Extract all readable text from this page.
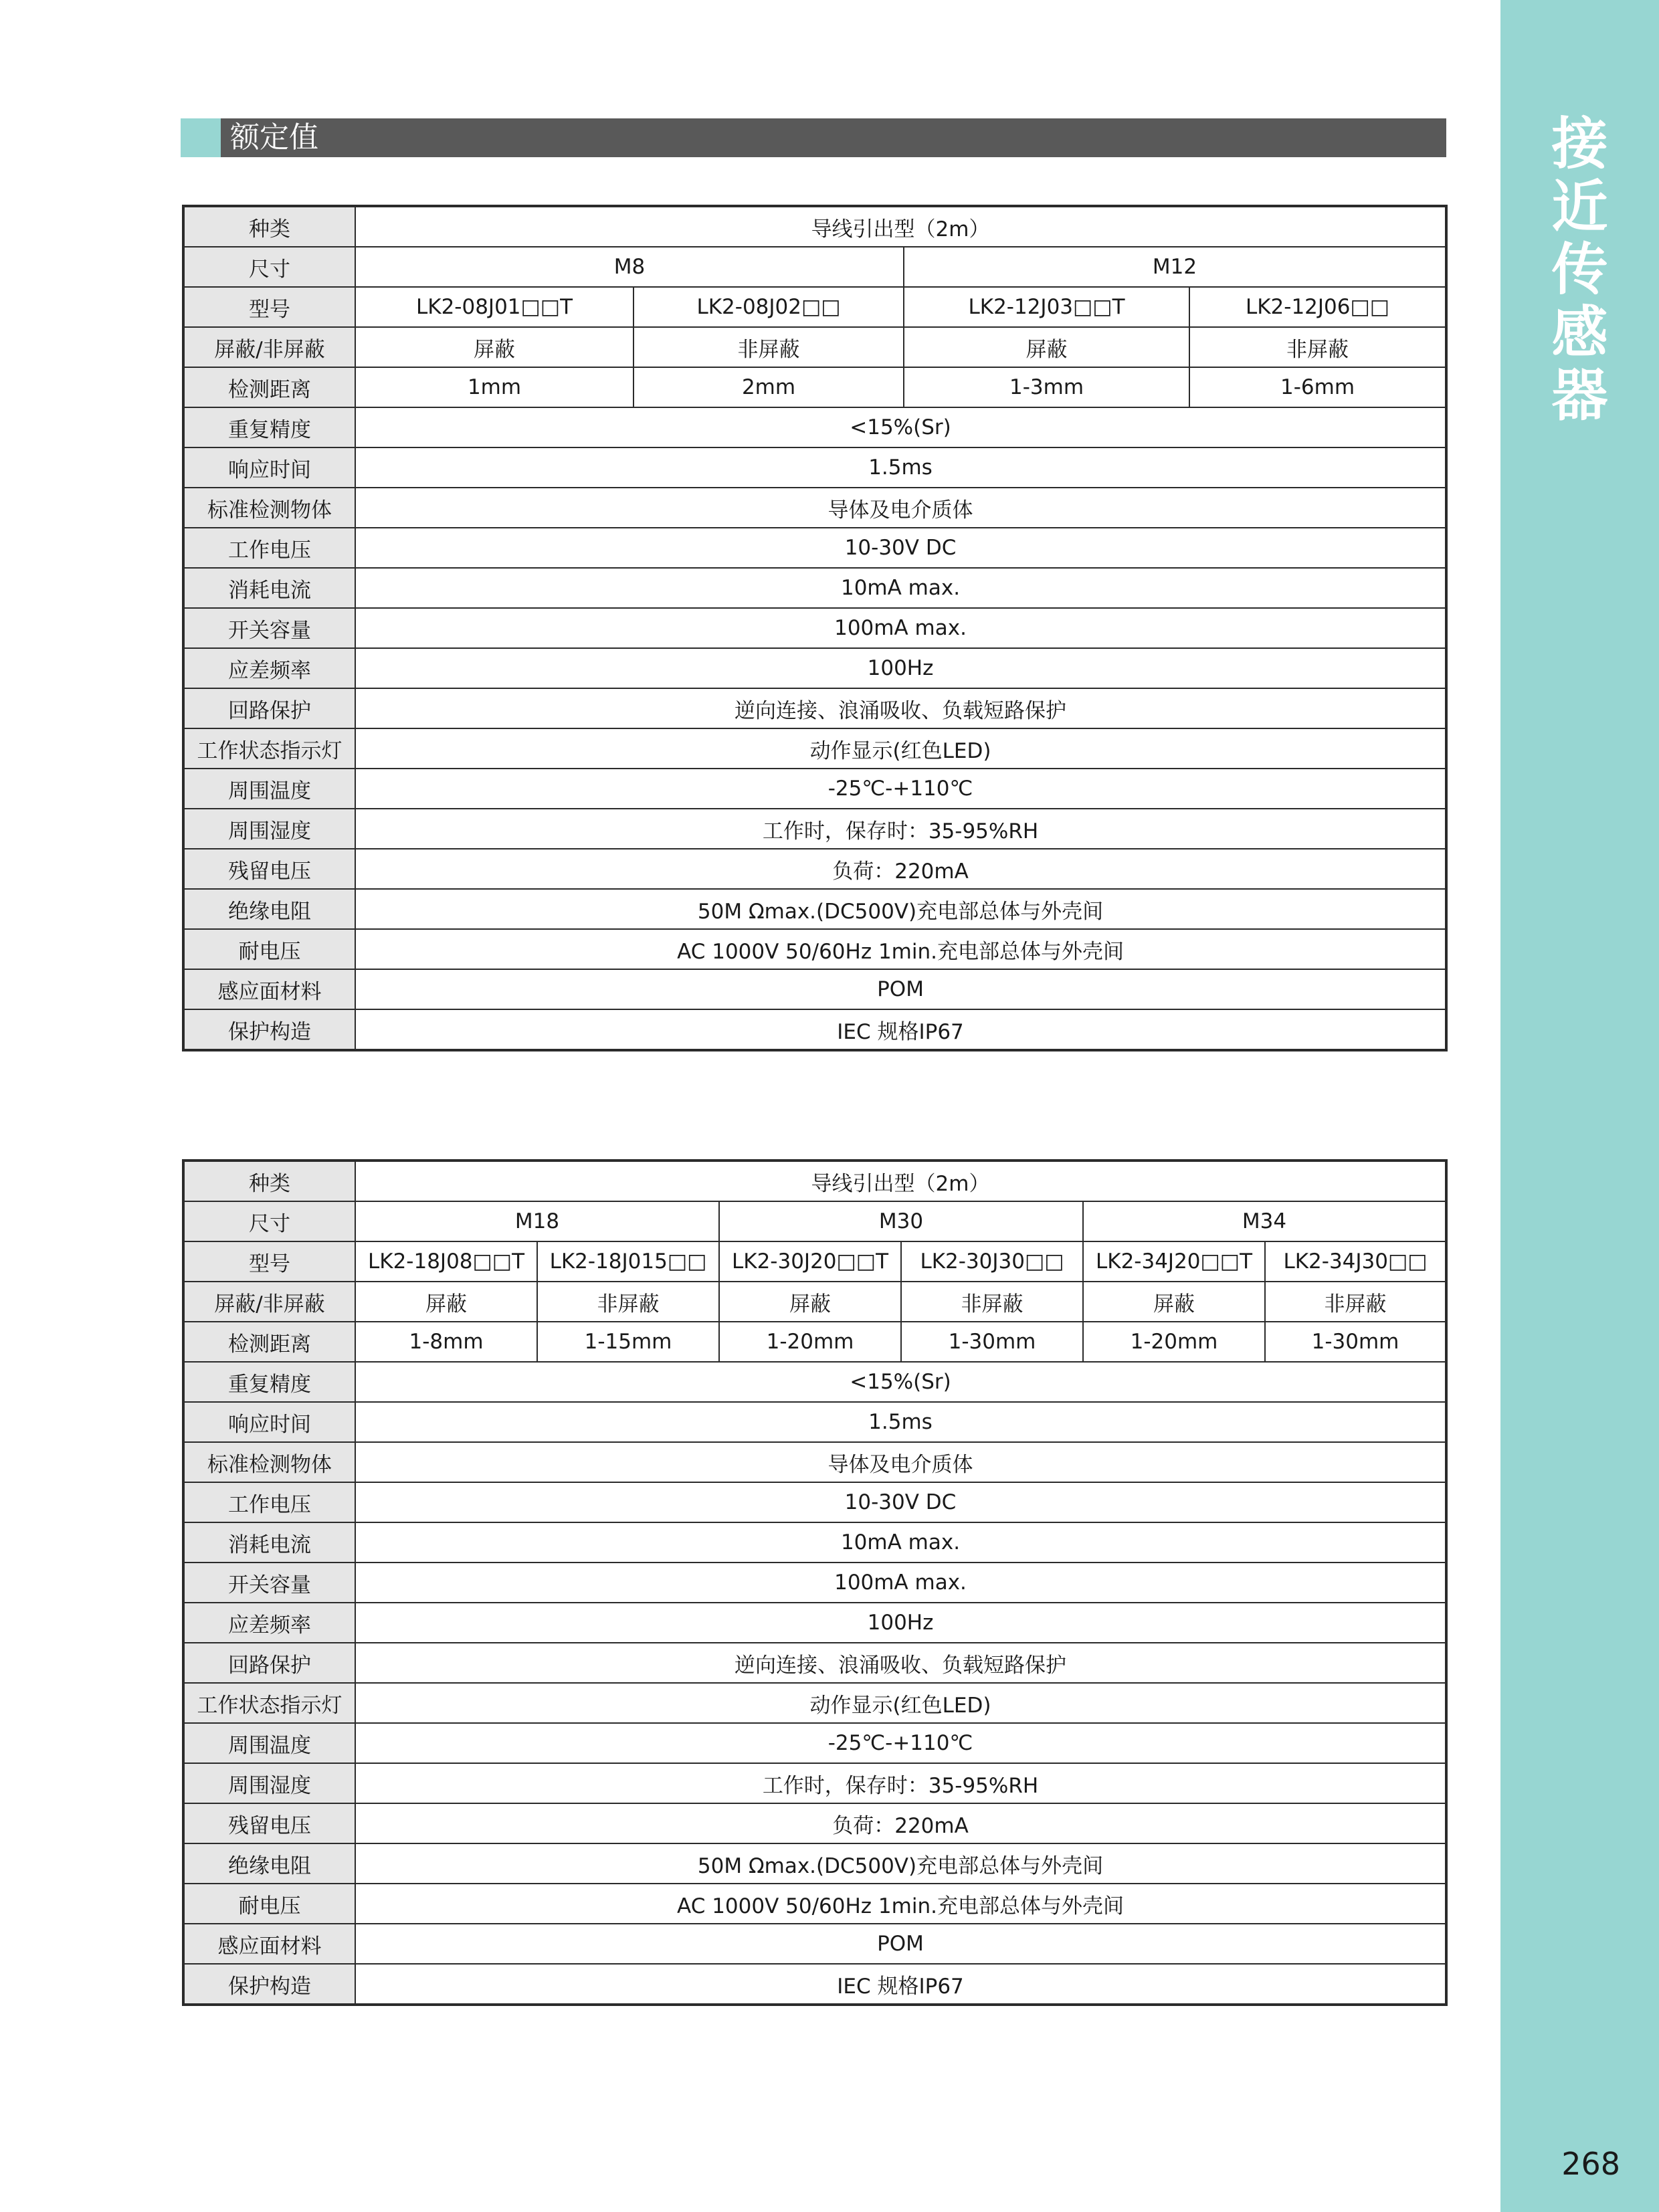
接
近
传
感
器
268
额定值
种类	导线引出型（2m）			
尺寸	M8		M12	
型号	LK2-08J01□□T	LK2-08J02□□	LK2-12J03□□T	LK2-12J06□□
屏蔽/非屏蔽	屏蔽	非屏蔽	屏蔽	非屏蔽
检测距离	1mm	2mm	1-3mm	1-6mm
重复精度	<15%(Sr)			
响应时间	1.5ms			
标准检测物体	导体及电介质体			
工作电压	10-30V DC			
消耗电流	10mA max.			
开关容量	100mA max.			
应差频率	100Hz			
回路保护	逆向连接、浪涌吸收、负载短路保护			
工作状态指示灯	动作显示(红色LED)			
周围温度	-25℃-+110℃			
周围湿度	工作时，保存时：35-95%RH			
残留电压	负荷：220mA			
绝缘电阻	50M Ωmax.(DC500V)充电部总体与外壳间			
耐电压	AC 1000V 50/60Hz 1min.充电部总体与外壳间			
感应面材料	POM			
保护构造	IEC 规格IP67			
种类	导线引出型（2m）					
尺寸	M18		M30		M34	
型号	LK2-18J08□□T	LK2-18J015□□	LK2-30J20□□T	LK2-30J30□□	LK2-34J20□□T	LK2-34J30□□
屏蔽/非屏蔽	屏蔽	非屏蔽	屏蔽	非屏蔽	屏蔽	非屏蔽
检测距离	1-8mm	1-15mm	1-20mm	1-30mm	1-20mm	1-30mm
重复精度	<15%(Sr)					
响应时间	1.5ms					
标准检测物体	导体及电介质体					
工作电压	10-30V DC					
消耗电流	10mA max.					
开关容量	100mA max.					
应差频率	100Hz					
回路保护	逆向连接、浪涌吸收、负载短路保护					
工作状态指示灯	动作显示(红色LED)					
周围温度	-25℃-+110℃					
周围湿度	工作时，保存时：35-95%RH					
残留电压	负荷：220mA					
绝缘电阻	50M Ωmax.(DC500V)充电部总体与外壳间					
耐电压	AC 1000V 50/60Hz 1min.充电部总体与外壳间					
感应面材料	POM					
保护构造	IEC 规格IP67					
